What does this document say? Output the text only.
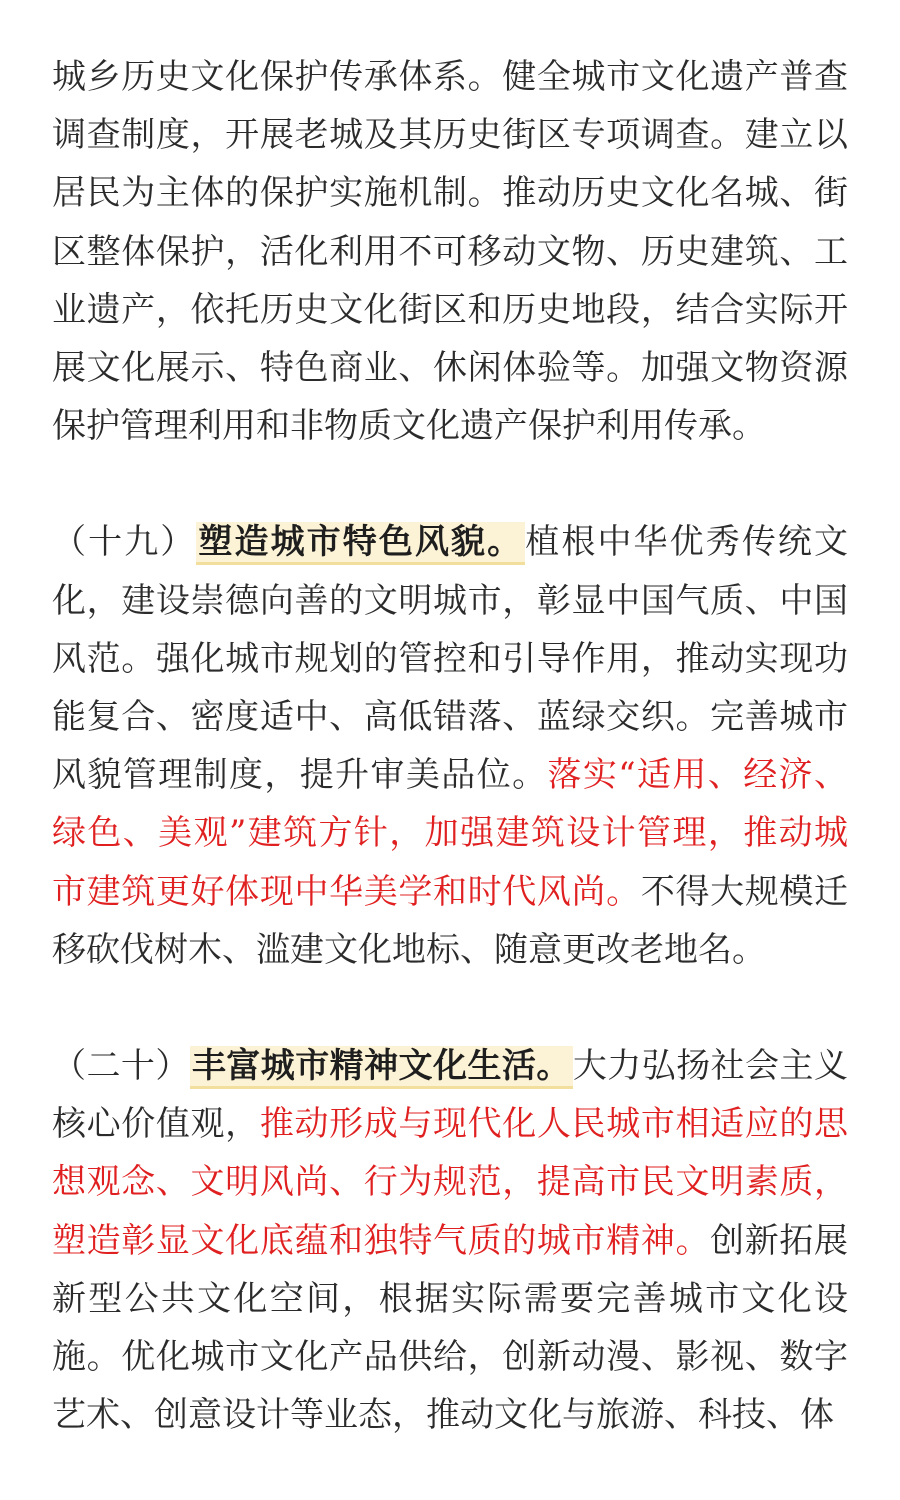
城乡历史文化保护传承体系。健全城市文化遗产普查调查制度，开展老城及其历史街区专项调查。建立以居民为主体的保护实施机制。推动历史文化名城、街区整体保护，活化利用不可移动文物、历史建筑、工业遗产，依托历史文化街区和历史地段，结合实际开展文化展示、特色商业、休闲体验等。加强文物资源保护管理利用和非物质文化遗产保护利用传承。

（十九）塑造城市特色风貌。植根中华优秀传统文化，建设崇德向善的文明城市，彰显中国气质、中国风范。强化城市规划的管控和引导作用，推动实现功能复合、密度适中、高低错落、蓝绿交织。完善城市风貌管理制度，提升审美品位。落实“适用、经济、绿色、美观”建筑方针，加强建筑设计管理，推动城市建筑更好体现中华美学和时代风尚。不得大规模迁移砍伐树木、滥建文化地标、随意更改老地名。

（二十）丰富城市精神文化生活。大力弘扬社会主义核心价值观，推动形成与现代化人民城市相适应的思想观念、文明风尚、行为规范，提高市民文明素质，塑造彰显文化底蕴和独特气质的城市精神。创新拓展新型公共文化空间，根据实际需要完善城市文化设施。优化城市文化产品供给，创新动漫、影视、数字艺术、创意设计等业态，推动文化与旅游、科技、体
